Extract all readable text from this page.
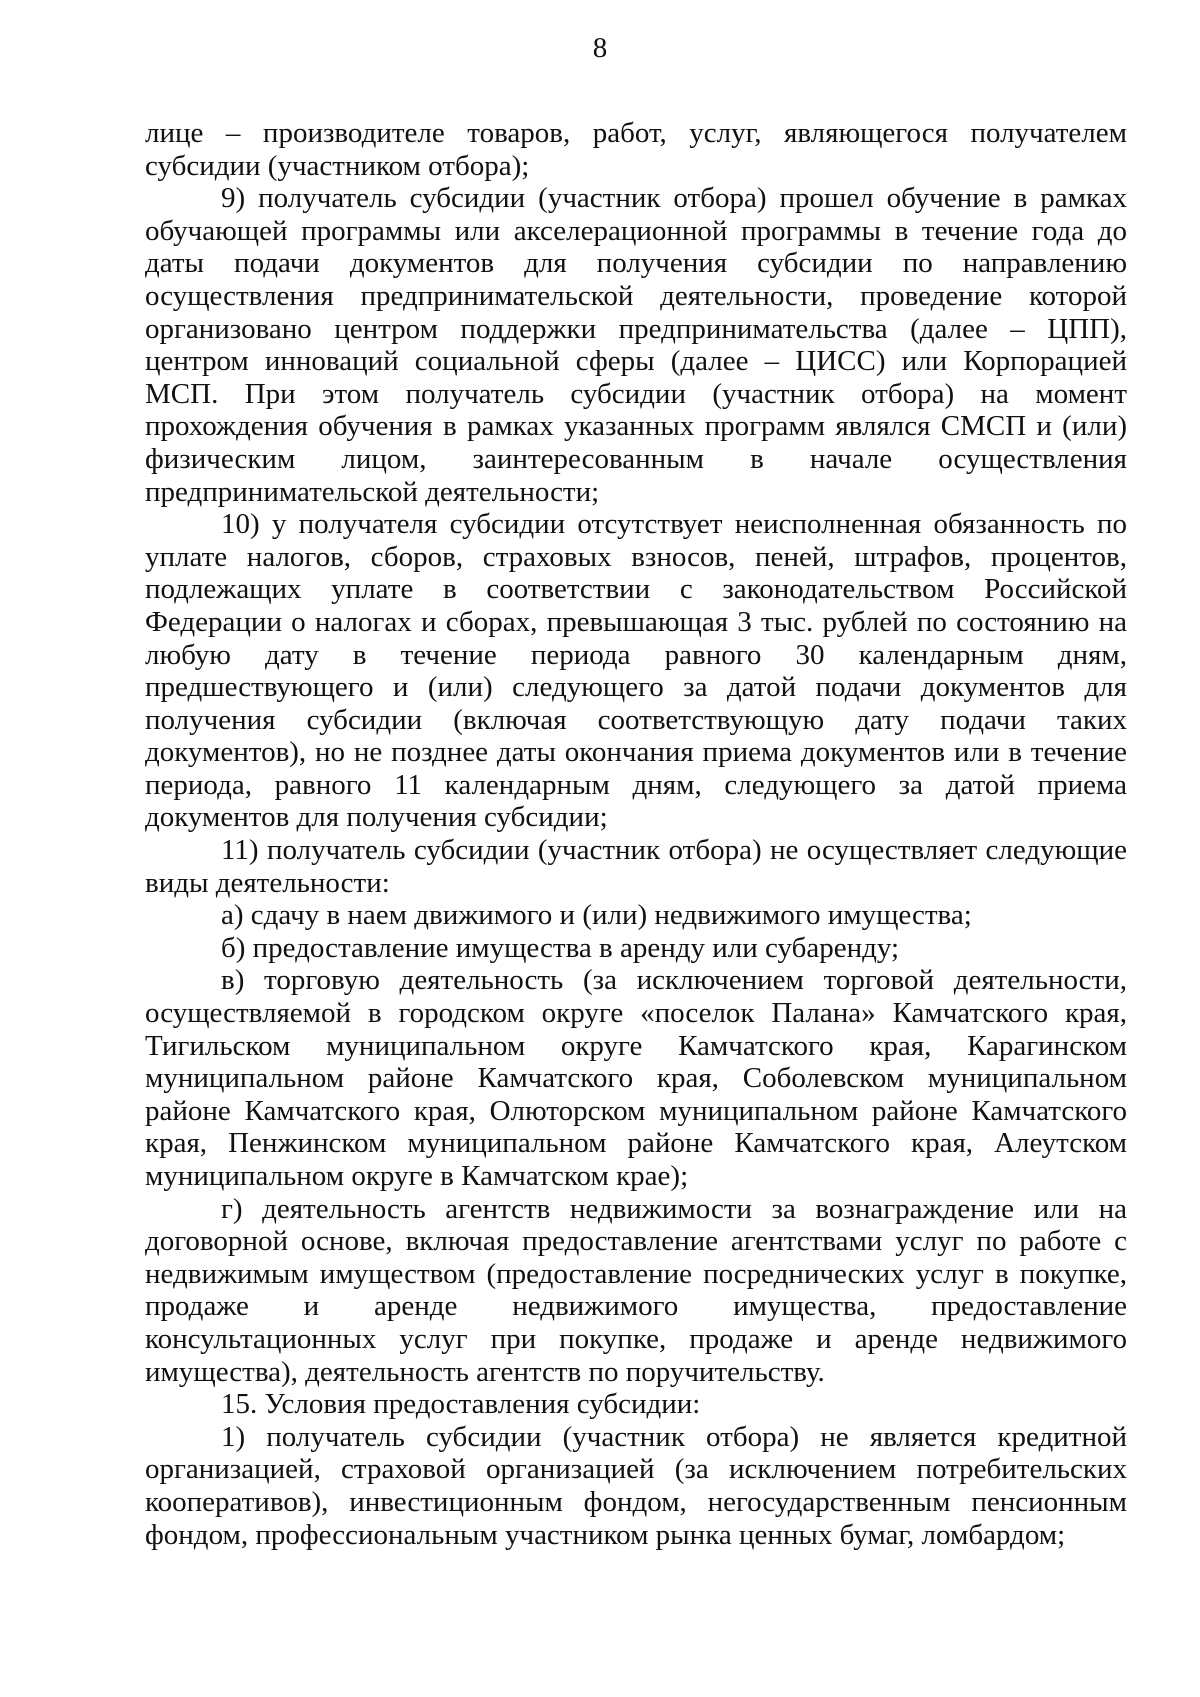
8

лице – производителе товаров, работ, услуг, являющегося получателем субсидии (участником отбора);

9) получатель субсидии (участник отбора) прошел обучение в рамках обучающей программы или акселерационной программы в течение года до даты подачи документов для получения субсидии по направлению осуществления предпринимательской деятельности, проведение которой организовано центром поддержки предпринимательства (далее – ЦПП), центром инноваций социальной сферы (далее – ЦИСС) или Корпорацией МСП. При этом получатель субсидии (участник отбора) на момент прохождения обучения в рамках указанных программ являлся СМСП и (или) физическим лицом, заинтересованным в начале осуществления предпринимательской деятельности;

10) у получателя субсидии отсутствует неисполненная обязанность по уплате налогов, сборов, страховых взносов, пеней, штрафов, процентов, подлежащих уплате в соответствии с законодательством Российской Федерации о налогах и сборах, превышающая 3 тыс. рублей по состоянию на любую дату в течение периода равного 30 календарным дням, предшествующего и (или) следующего за датой подачи документов для получения субсидии (включая соответствующую дату подачи таких документов), но не позднее даты окончания приема документов или в течение периода, равного 11 календарным дням, следующего за датой приема документов для получения субсидии;

11) получатель субсидии (участник отбора) не осуществляет следующие виды деятельности:

а) сдачу в наем движимого и (или) недвижимого имущества;

б) предоставление имущества в аренду или субаренду;

в) торговую деятельность (за исключением торговой деятельности, осуществляемой в городском округе «поселок Палана» Камчатского края, Тигильском муниципальном округе Камчатского края, Карагинском муниципальном районе Камчатского края, Соболевском муниципальном районе Камчатского края, Олюторском муниципальном районе Камчатского края, Пенжинском муниципальном районе Камчатского края, Алеутском муниципальном округе в Камчатском крае);

г) деятельность агентств недвижимости за вознаграждение или на договорной основе, включая предоставление агентствами услуг по работе с недвижимым имуществом (предоставление посреднических услуг в покупке, продаже и аренде недвижимого имущества, предоставление консультационных услуг при покупке, продаже и аренде недвижимого имущества), деятельность агентств по поручительству.

15. Условия предоставления субсидии:

1) получатель субсидии (участник отбора) не является кредитной организацией, страховой организацией (за исключением потребительских кооперативов), инвестиционным фондом, негосударственным пенсионным фондом, профессиональным участником рынка ценных бумаг, ломбардом;
